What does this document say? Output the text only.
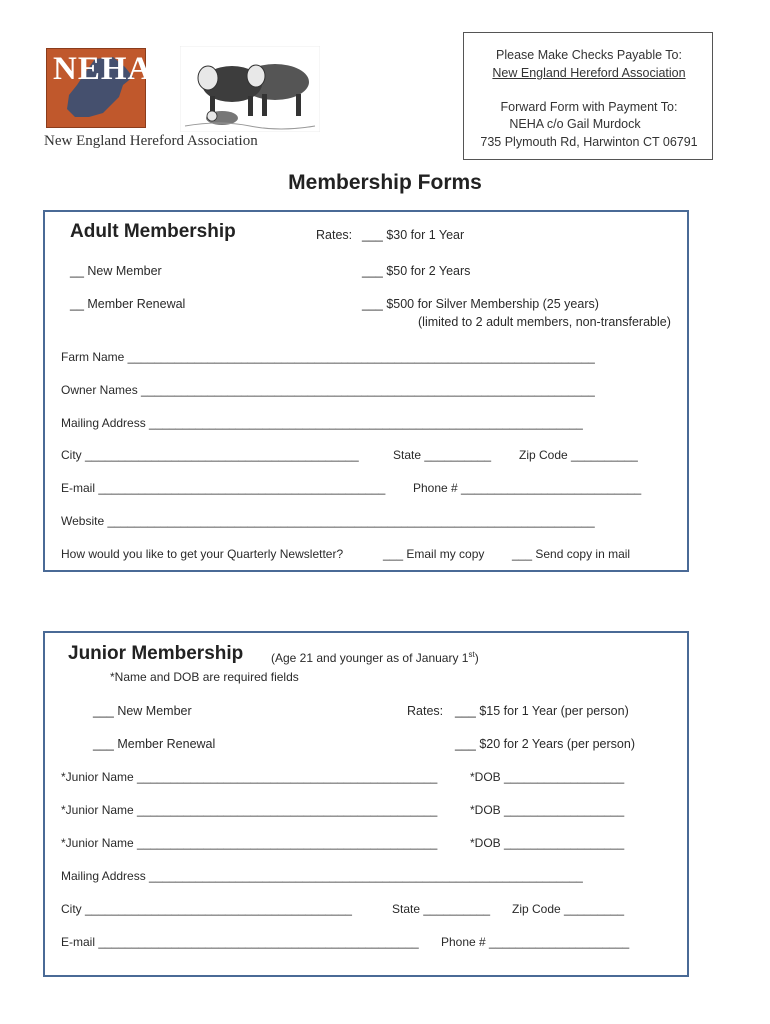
NEHA
New England Hereford Association
Please Make Checks Payable To:
New England Hereford Association
Forward Form with Payment To:
NEHA c/o Gail Murdock
735 Plymouth Rd, Harwinton CT 06791
Membership Forms
Adult Membership	Rates: ___ $30 for 1 Year
__ New Member	___ $50 for 2 Years
__ Member Renewal	___ $500 for Silver Membership (25 years)
(limited to 2 adult members, non-transferable)
Farm Name ______________________________________________________________________
Owner Names ____________________________________________________________________
Mailing Address _________________________________________________________________
City _________________________________________	State __________ Zip Code __________
E-mail ___________________________________________ Phone # ___________________________
Website _________________________________________________________________________
How would you like to get your Quarterly Newsletter?	___ Email my copy ___ Send copy in mail
Junior Membership (Age 21 and younger as of January 1st)
*Name and DOB are required fields
___ New Member	Rates: ___ $15 for 1 Year (per person)
___ Member Renewal	___ $20 for 2 Years (per person)
*Junior Name _____________________________________________	*DOB __________________
*Junior Name _____________________________________________	*DOB __________________
*Junior Name _____________________________________________	*DOB __________________
Mailing Address _________________________________________________________________
City ________________________________________	State __________ Zip Code _________
E-mail ________________________________________________ Phone # _____________________
